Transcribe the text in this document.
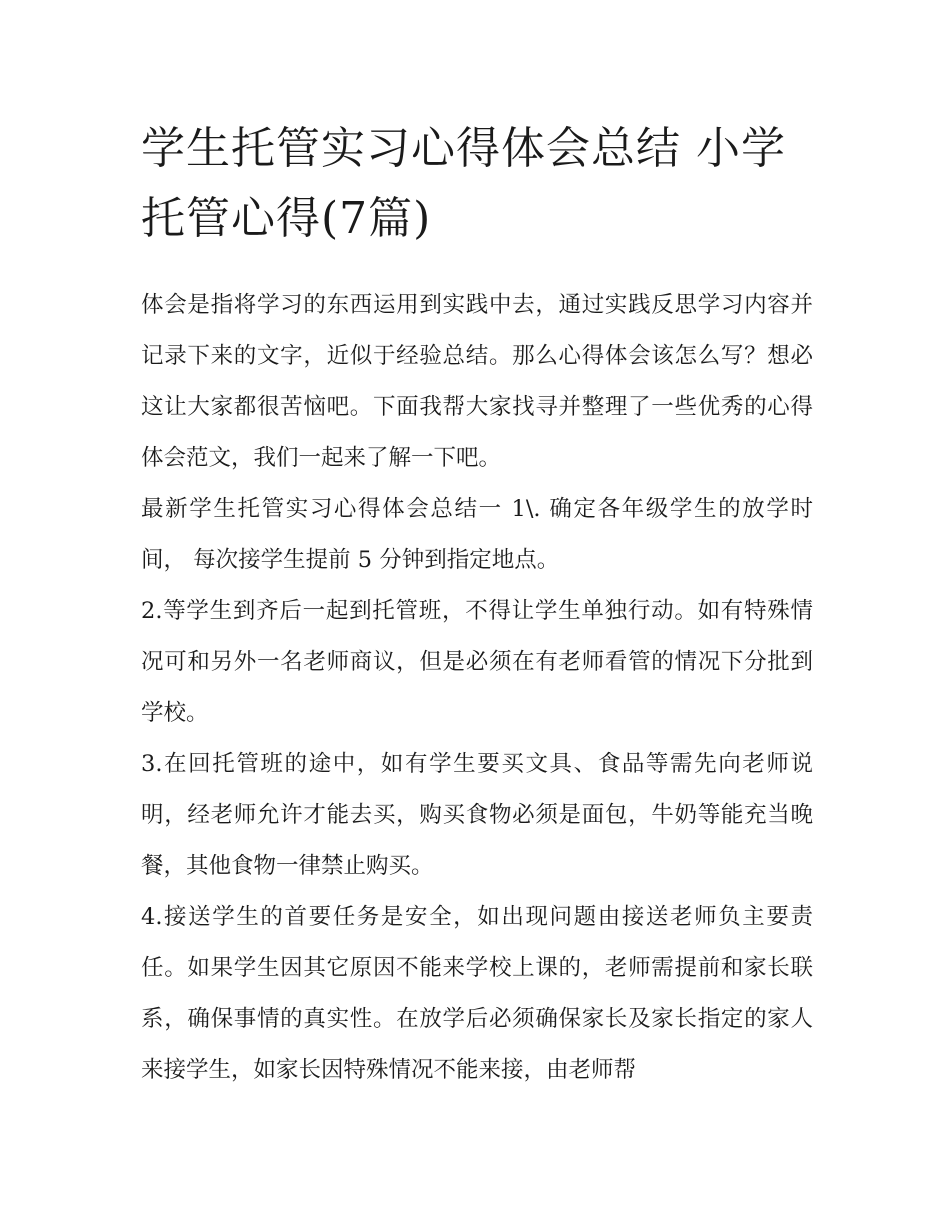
学生托管实习心得体会总结 小学托管心得(7篇)

体会是指将学习的东西运用到实践中去，通过实践反思学习内容并记录下来的文字，近似于经验总结。那么心得体会该怎么写？想必这让大家都很苦恼吧。下面我帮大家找寻并整理了一些优秀的心得体会范文，我们一起来了解一下吧。

最新学生托管实习心得体会总结一 1\. 确定各年级学生的放学时间， 每次接学生提前 5 分钟到指定地点。

2.等学生到齐后一起到托管班，不得让学生单独行动。如有特殊情况可和另外一名老师商议，但是必须在有老师看管的情况下分批到学校。

3.在回托管班的途中，如有学生要买文具、食品等需先向老师说明，经老师允许才能去买，购买食物必须是面包，牛奶等能充当晚餐，其他食物一律禁止购买。

4.接送学生的首要任务是安全，如出现问题由接送老师负主要责任。如果学生因其它原因不能来学校上课的，老师需提前和家长联系，确保事情的真实性。在放学后必须确保家长及家长指定的家人来接学生，如家长因特殊情况不能来接，由老师帮
